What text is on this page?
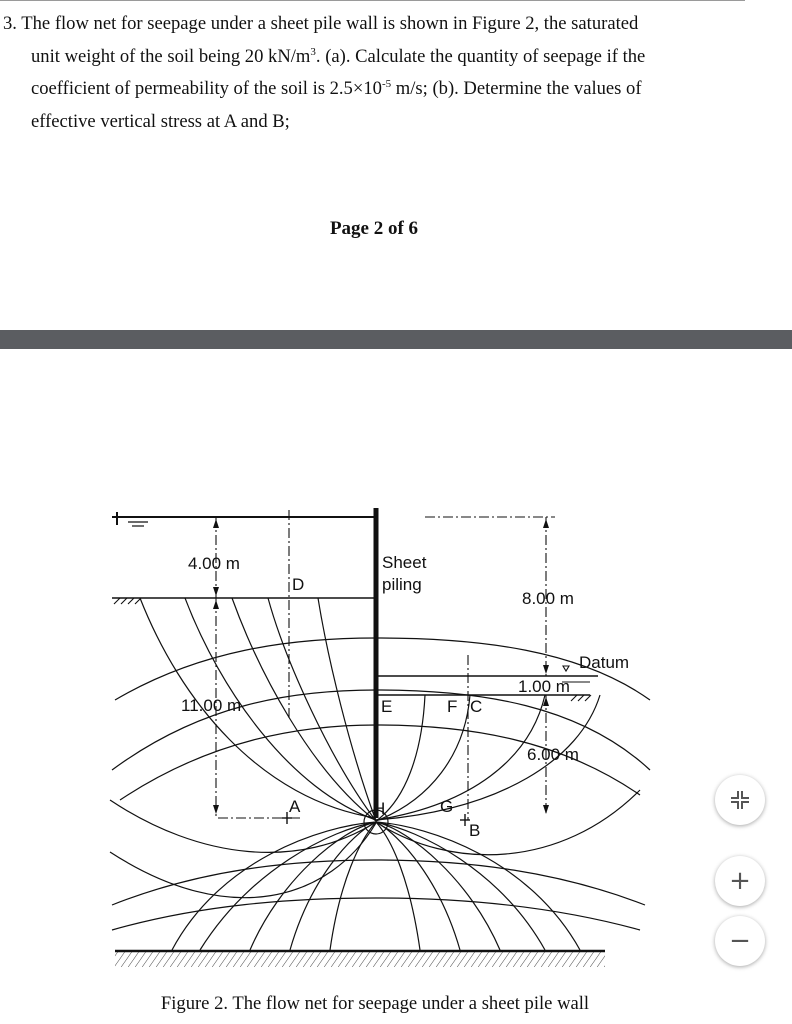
3. The flow net for seepage under a sheet pile wall is shown in Figure 2, the saturated
unit weight of the soil being 20 $kN/m^3$. (a). Calculate the quantity of seepage if the
coefficient of permeability of the soil is $2.5\times 10^{-5}$ m/s; (b). Determine the values of
effective vertical stress at A and B;
Page 2 of 6
4.00 m
D
Sheet
piling
8.00 m
Datum
1.00 m
11.00 m	E	F C
6.00 m
A	H	G
B
Figure 2. The flow net for seepage under a sheet pile wall
+
−
